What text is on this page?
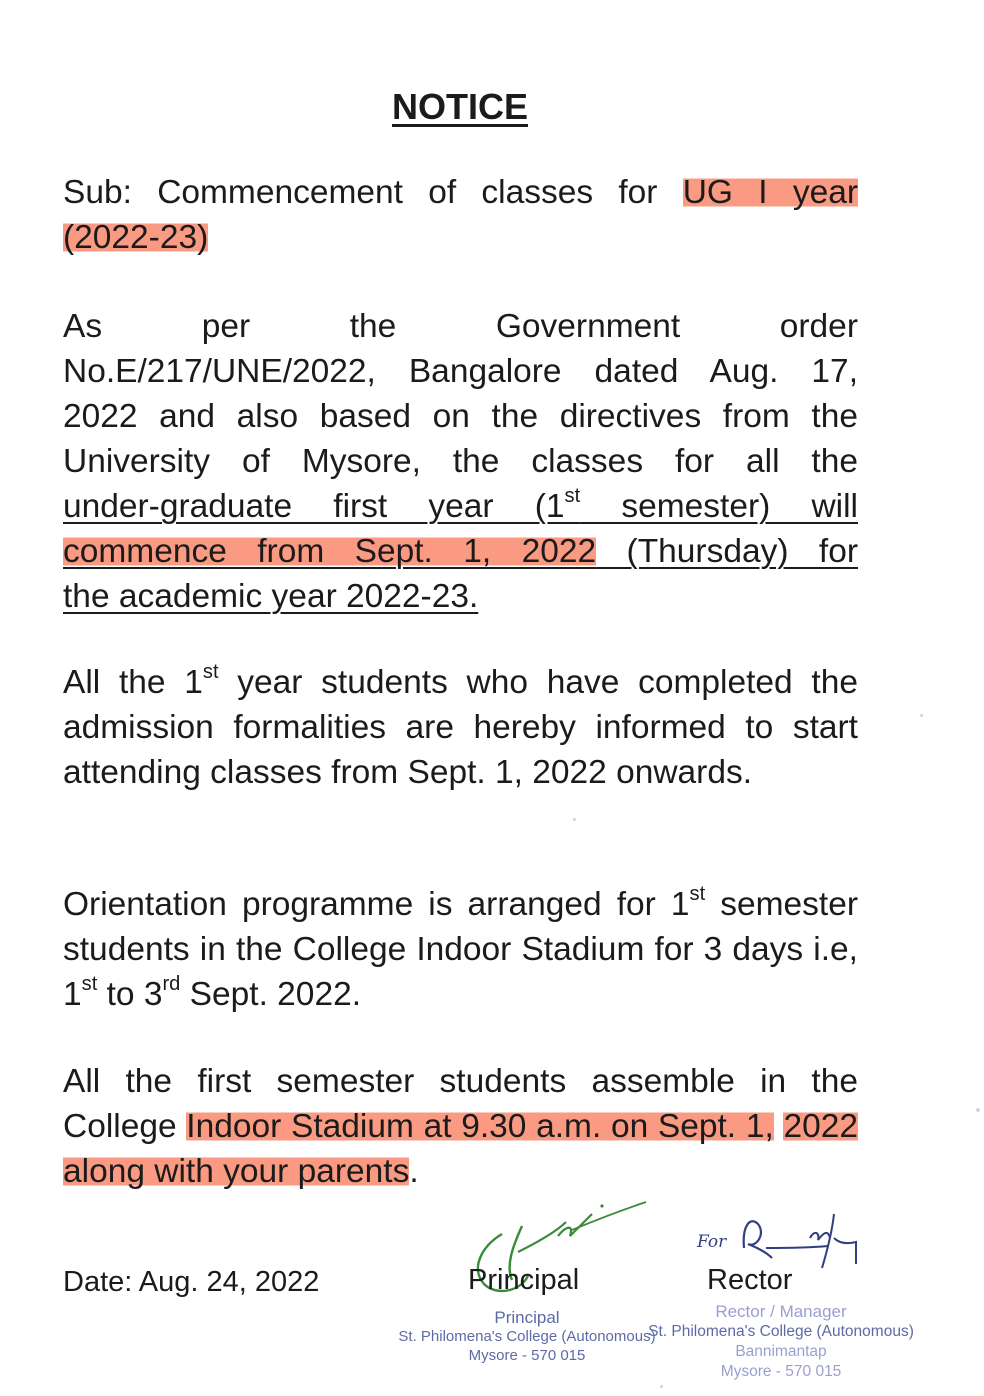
NOTICE
Sub: Commencement of classes for UG I year
(2022-23)
As	per	the	Government	order
No.E/217/UNE/2022, Bangalore dated Aug. 17,
2022 and also based on the directives from the
University of Mysore, the classes for all the
under-graduate first year (1st semester) will
commence from Sept. 1, 2022 (Thursday) for
the academic year 2022-23.
All the 1st year students who have completed the admission formalities are hereby informed to start attending classes from Sept. 1, 2022 onwards.
Orientation programme is arranged for 1st semester students in the College Indoor Stadium for 3 days i.e,   1st to 3rd Sept. 2022.
All the first semester students assemble in the College Indoor Stadium at 9.30 a.m. on Sept. 1, 2022 along with your parents.
Date: Aug. 24, 2022	Principal
Principal
St. Philomena's College (Autonomous)
Mysore - 570 015
For
Rector
Rector / Manager
St. Philomena's College (Autonomous)
Bannimantap
Mysore - 570 015
